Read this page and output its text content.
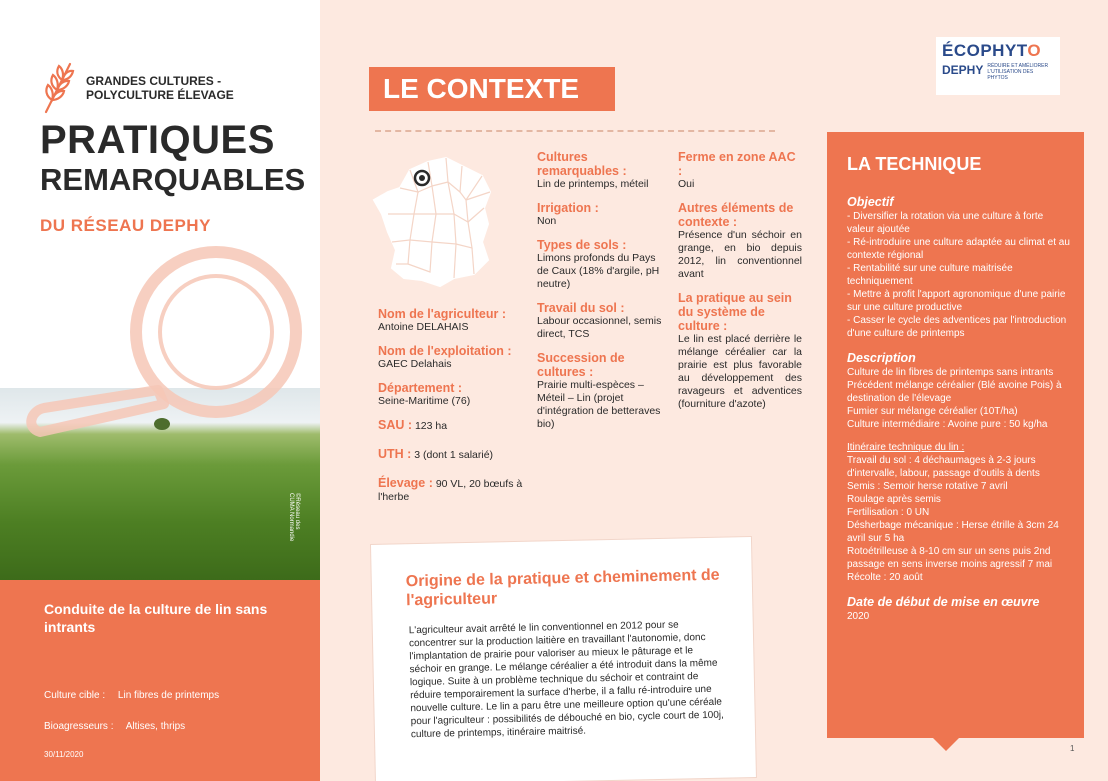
GRANDES CULTURES -
POLYCULTURE ÉLEVAGE
PRATIQUES
REMARQUABLES
DU RÉSEAU DEPHY
©Réseau des
CUMA Normandie
Conduite de la culture de lin sans intrants
Culture cible : Lin fibres de printemps
Bioagresseurs : Altises, thrips
30/11/2020
LE CONTEXTE
ÉCOPHYTO
DEPHY RÉDUIRE ET AMÉLIORER
L'UTILISATION DES PHYTOS
Nom de l'agriculteur :
Antoine DELAHAIS
Nom de l'exploitation :
GAEC Delahais
Département :
Seine-Maritime (76)
SAU : 123 ha
UTH : 3 (dont 1 salarié)
Élevage : 90 VL, 20 bœufs à l'herbe
Cultures remarquables :
Lin de printemps, méteil
Irrigation :
Non
Types de sols :
Limons profonds du Pays de Caux (18% d'argile, pH neutre)
Travail du sol :
Labour occasionnel, semis direct, TCS
Succession de cultures :
Prairie multi-espèces – Méteil – Lin (projet d'intégration de betteraves bio)
Ferme en zone AAC :
Oui
Autres éléments de contexte :
Présence d'un séchoir en grange, en bio depuis 2012, lin conventionnel avant
La pratique au sein du système de culture :
Le lin est placé derrière le mélange céréalier car la prairie est plus favorable au développement des ravageurs et adventices (fourniture d'azote)
Origine de la pratique et cheminement de l'agriculteur
L'agriculteur avait arrêté le lin conventionnel en 2012 pour se concentrer sur la production laitière en travaillant l'autonomie, donc l'implantation de prairie pour valoriser au mieux le pâturage et le séchoir en grange. Le mélange céréalier a été introduit dans la même logique. Suite à un problème technique du séchoir et contraint de réduire temporairement la surface d'herbe, il a fallu ré-introduire une nouvelle culture. Le lin a paru être une meilleure option qu'une céréale pour l'agriculteur : possibilités de débouché en bio, cycle court de 100j, culture de printemps, itinéraire maitrisé.
LA TECHNIQUE
Objectif
- Diversifier la rotation via une culture à forte valeur ajoutée
- Ré-introduire une culture adaptée au climat et au contexte régional
- Rentabilité sur une culture maitrisée techniquement
- Mettre à profit l'apport agronomique d'une pairie sur une culture productive
- Casser le cycle des adventices par l'introduction d'une culture de printemps
Description
Culture de lin fibres de printemps sans intrants
Précédent mélange céréalier (Blé avoine Pois) à destination de l'élevage
Fumier sur mélange céréalier (10T/ha)
Culture intermédiaire : Avoine pure : 50 kg/ha
Itinéraire technique du lin :
Travail du sol : 4 déchaumages à 2-3 jours d'intervalle, labour, passage d'outils à dents
Semis : Semoir herse rotative 7 avril
Roulage après semis
Fertilisation : 0 UN
Désherbage mécanique : Herse étrille à 3cm 24 avril sur 5 ha
Rotoétrilleuse à 8-10 cm sur un sens puis 2nd passage en sens inverse moins agressif 7 mai
Récolte : 20 août
Date de début de mise en œuvre
2020
1
